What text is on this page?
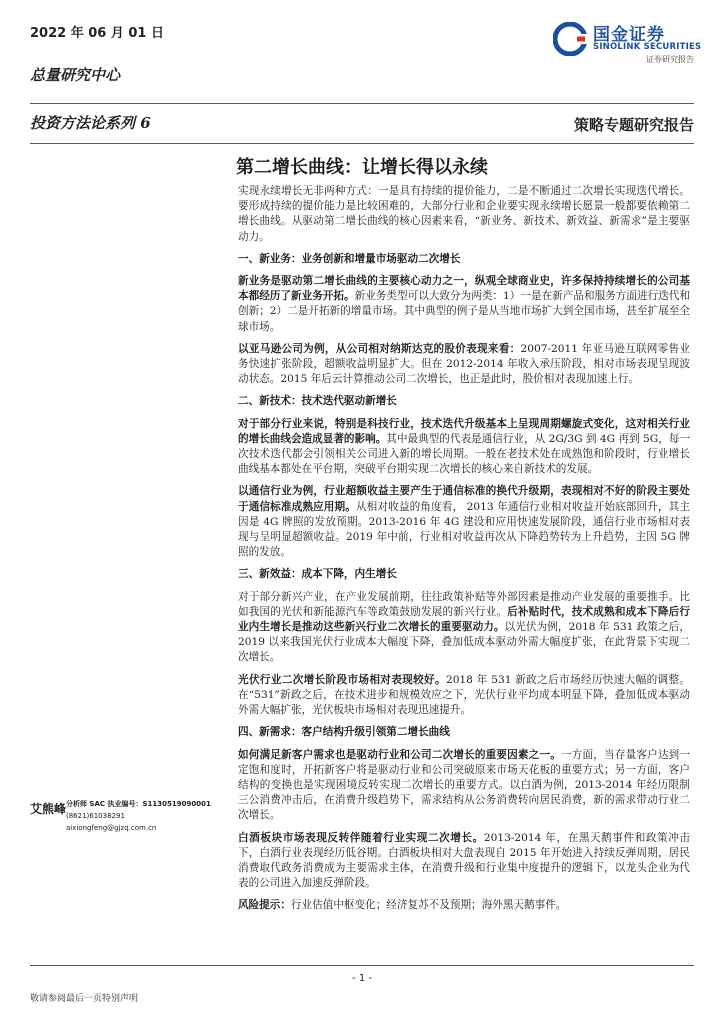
2022 年 06 月 01 日	国金证券
SINOLINK SECURITIES
证券研究报告
总量研究中心
投资方法论系列 6	策略专题研究报告
第二增长曲线：让增长得以永续

实现永续增长无非两种方式：一是具有持续的提价能力，二是不断通过二次增长实现迭代增长。要形成持续的提价能力是比较困难的，大部分行业和企业要实现永续增长愿景一般都要依赖第二增长曲线。从驱动第二增长曲线的核心因素来看，“新业务、新技术、新效益、新需求”是主要驱动力。

一、新业务：业务创新和增量市场驱动二次增长

新业务是驱动第二增长曲线的主要核心动力之一，纵观全球商业史，许多保持持续增长的公司基本都经历了新业务开拓。新业务类型可以大致分为两类：1）一是在新产品和服务方面进行迭代和创新；2）二是开拓新的增量市场。其中典型的例子是从当地市场扩大到全国市场，甚至扩展至全球市场。

以亚马逊公司为例，从公司相对纳斯达克的股价表现来看：2007-2011 年亚马逊互联网零售业务快速扩张阶段，超额收益明显扩大。但在 2012-2014 年收入承压阶段，相对市场表现呈现波动状态。2015 年后云计算推动公司二次增长，也正是此时，股价相对表现加速上行。

二、新技术：技术迭代驱动新增长

对于部分行业来说，特别是科技行业，技术迭代升级基本上呈现周期螺旋式变化，这对相关行业的增长曲线会造成显著的影响。其中最典型的代表是通信行业，从 2G/3G 到 4G 再到 5G，每一次技术迭代都会引领相关公司进入新的增长周期。一般在老技术处在成熟饱和阶段时，行业增长曲线基本都处在平台期，突破平台期实现二次增长的核心来自新技术的发展。

以通信行业为例，行业超额收益主要产生于通信标准的换代升级期，表现相对不好的阶段主要处于通信标准成熟应用期。从相对收益的角度看， 2013 年通信行业相对收益开始底部回升，其主因是 4G 牌照的发放预期。2013-2016 年 4G 建设和应用快速发展阶段，通信行业市场相对表现与呈明显超额收益。2019 年中前，行业相对收益再次从下降趋势转为上升趋势，主因 5G 牌照的发放。

三、新效益：成本下降，内生增长

对于部分新兴产业，在产业发展前期，往往政策补贴等外部因素是推动产业发展的重要推手。比如我国的光伏和新能源汽车等政策鼓励发展的新兴行业。后补贴时代，技术成熟和成本下降后行业内生增长是推动这些新兴行业二次增长的重要驱动力。以光伏为例，2018 年 531 政策之后，2019 以来我国光伏行业成本大幅度下降，叠加低成本驱动外需大幅度扩张，在此背景下实现二次增长。

光伏行业二次增长阶段市场相对表现较好。2018 年 531 新政之后市场经历快速大幅的调整。在“531”新政之后，在技术进步和规模效应之下，光伏行业平均成本明显下降，叠加低成本驱动外需大幅扩张，光伏板块市场相对表现迅速提升。

四、新需求：客户结构升级引领第二增长曲线

如何满足新客户需求也是驱动行业和公司二次增长的重要因素之一。一方面，当存量客户达到一定饱和度时，开拓新客户将是驱动行业和公司突破原来市场天花板的重要方式；另一方面，客户结构的变换也是实现困境反转实现二次增长的重要方式。以白酒为例，2013-2014 年经历限制三公消费冲击后，在消费升级趋势下，需求结构从公务消费转向居民消费，新的需求带动行业二次增长。

白酒板块市场表现反转伴随着行业实现二次增长。2013-2014 年，在黑天鹅事件和政策冲击下，白酒行业表现经历低谷期。白酒板块相对大盘表现自 2015 年开始进入持续反弹周期，居民消费取代政务消费成为主要需求主体，在消费升级和行业集中度提升的逻辑下，以龙头企业为代表的公司进入加速反弹阶段。

风险提示：行业估值中枢变化；经济复苏不及预期；海外黑天鹅事件。

艾熊峰 分析师 SAC 执业编号：S1130519090001
(8621)61038291
aixiongfeng@gjzq.com.cn
- 1 -
敬请参阅最后一页特别声明
